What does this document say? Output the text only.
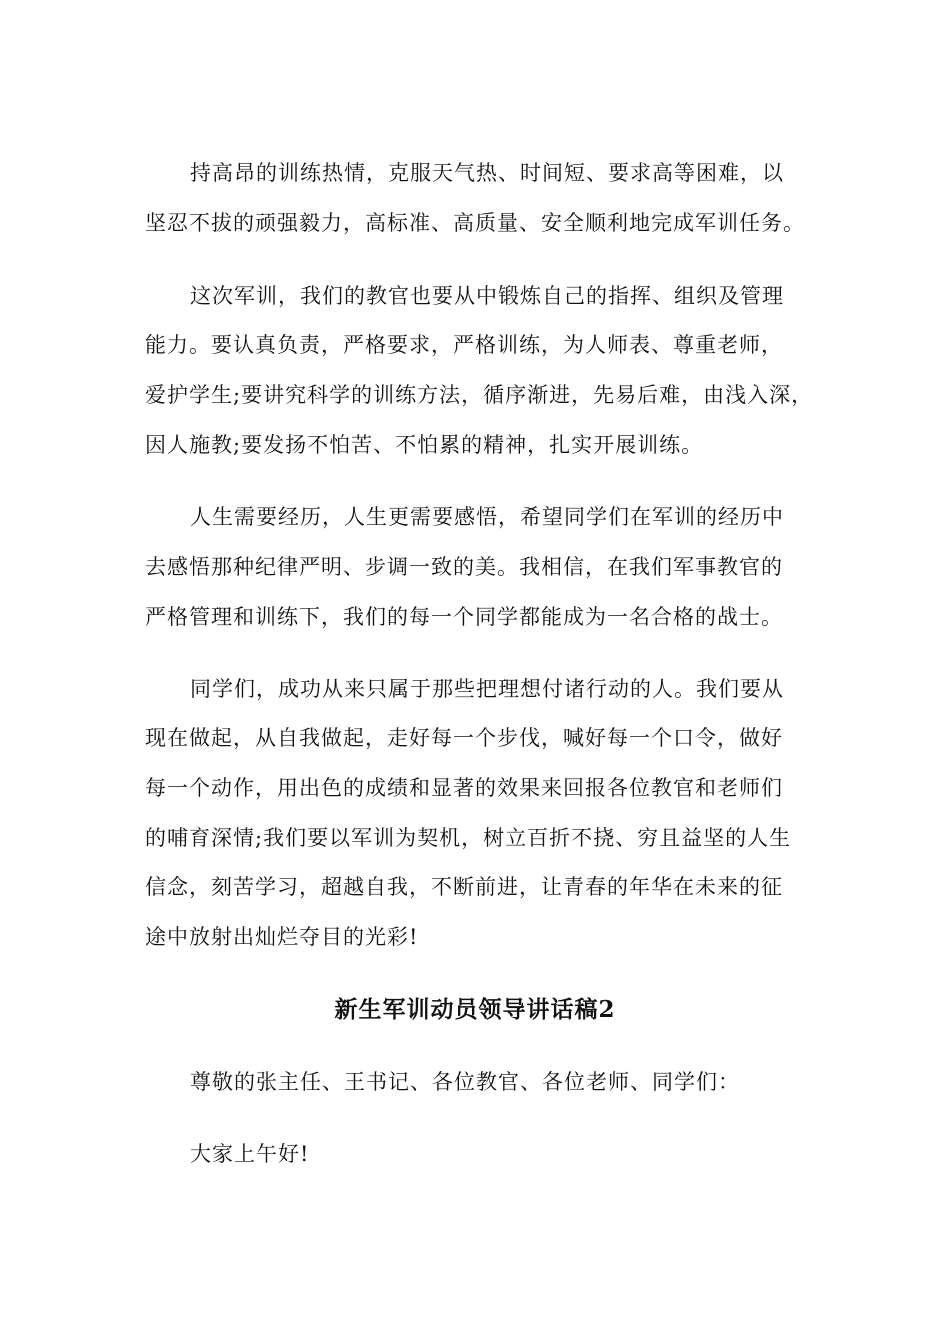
持高昂的训练热情，克服天气热、时间短、要求高等困难，以
坚忍不拔的顽强毅力，高标准、高质量、安全顺利地完成军训任务。
这次军训，我们的教官也要从中锻炼自己的指挥、组织及管理
能力。要认真负责，严格要求，严格训练，为人师表、尊重老师，
爱护学生;要讲究科学的训练方法，循序渐进，先易后难，由浅入深，
因人施教;要发扬不怕苦、不怕累的精神，扎实开展训练。
人生需要经历，人生更需要感悟，希望同学们在军训的经历中
去感悟那种纪律严明、步调一致的美。我相信，在我们军事教官的
严格管理和训练下，我们的每一个同学都能成为一名合格的战士。
同学们，成功从来只属于那些把理想付诸行动的人。我们要从
现在做起，从自我做起，走好每一个步伐，喊好每一个口令，做好
每一个动作，用出色的成绩和显著的效果来回报各位教官和老师们
的哺育深情;我们要以军训为契机，树立百折不挠、穷且益坚的人生
信念，刻苦学习，超越自我，不断前进，让青春的年华在未来的征
途中放射出灿烂夺目的光彩!
新生军训动员领导讲话稿2
尊敬的张主任、王书记、各位教官、各位老师、同学们：
大家上午好!
